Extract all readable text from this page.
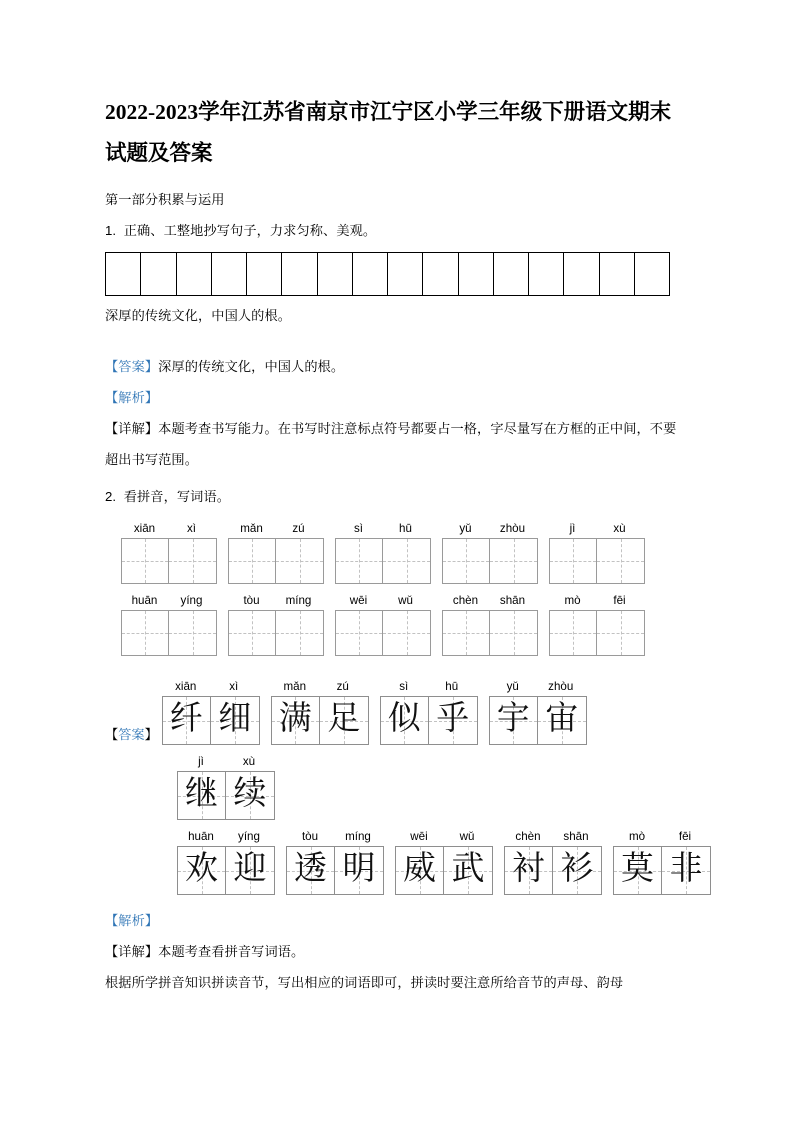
2022-2023学年江苏省南京市江宁区小学三年级下册语文期末试题及答案

第一部分积累与运用

1. 正确、工整地抄写句子，力求匀称、美观。

深厚的传统文化，中国人的根。

【答案】深厚的传统文化，中国人的根。

【解析】

【详解】本题考查书写能力。在书写时注意标点符号都要占一格，字尽量写在方框的正中间，不要超出书写范围。

2. 看拼音，写词语。

xiān	xì	mǎn	zú	sì	hū	yǔ	zhòu	jì	xù
huān	yíng	tòu	míng	wēi	wǔ	chèn	shān	mò	fēi
【答案】
xiān	xì
纤 细
mǎn	zú
满 足
sì	hū
似 乎
yǔ	zhòu
宇 宙
jì	xù
继 续
huān	yíng
欢 迎
tòu	míng
透 明
wēi	wǔ
威 武
chèn	shān
衬 衫
mò	fēi
莫 非

【解析】

【详解】本题考查看拼音写词语。

根据所学拼音知识拼读音节，写出相应的词语即可，拼读时要注意所给音节的声母、韵母
